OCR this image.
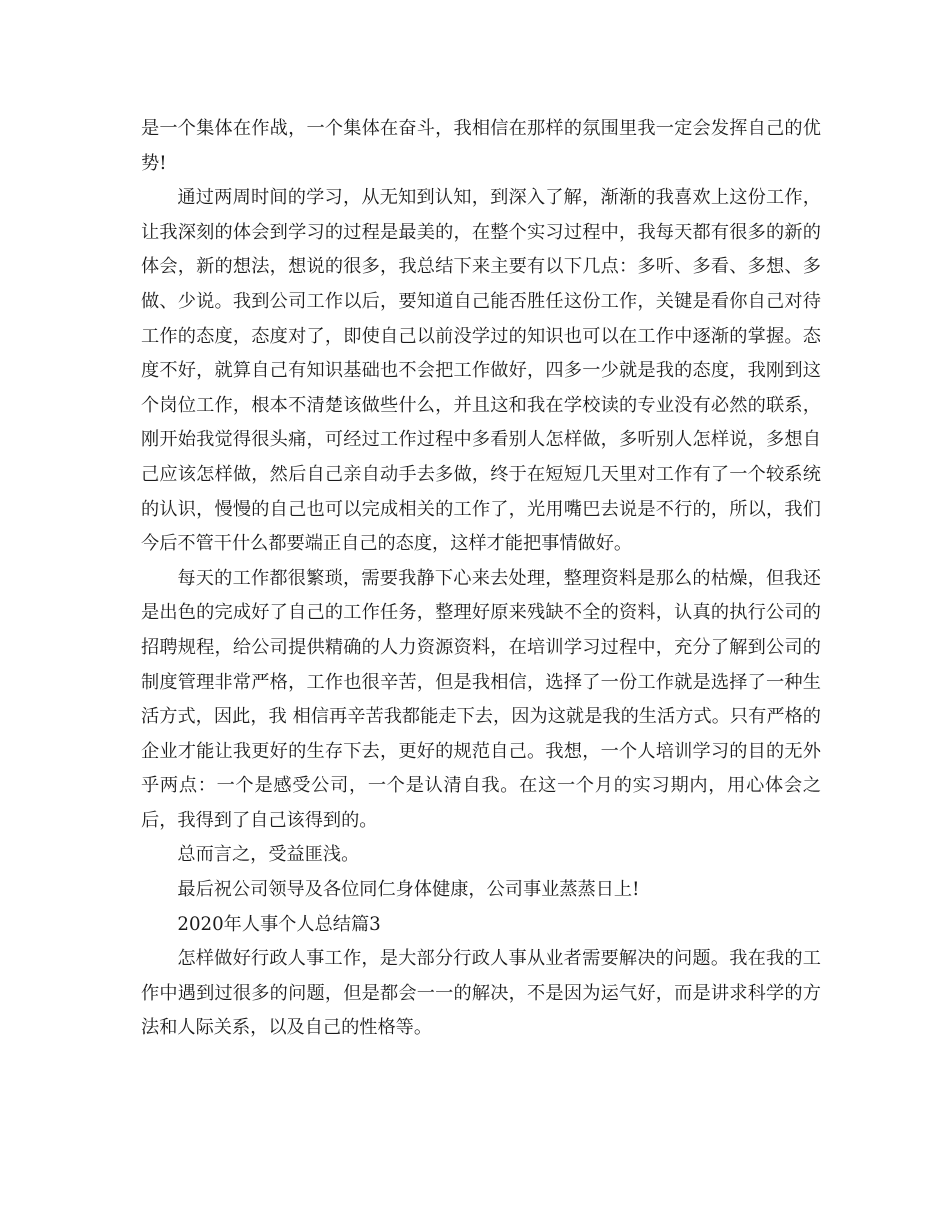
是一个集体在作战，一个集体在奋斗，我相信在那样的氛围里我一定会发挥自己的优势!

通过两周时间的学习，从无知到认知，到深入了解，渐渐的我喜欢上这份工作，让我深刻的体会到学习的过程是最美的，在整个实习过程中，我每天都有很多的新的体会，新的想法，想说的很多，我总结下来主要有以下几点：多听、多看、多想、多做、少说。我到公司工作以后，要知道自己能否胜任这份工作，关键是看你自己对待工作的态度，态度对了，即使自己以前没学过的知识也可以在工作中逐渐的掌握。态度不好，就算自己有知识基础也不会把工作做好，四多一少就是我的态度，我刚到这个岗位工作，根本不清楚该做些什么，并且这和我在学校读的专业没有必然的联系，刚开始我觉得很头痛，可经过工作过程中多看别人怎样做，多听别人怎样说，多想自己应该怎样做，然后自己亲自动手去多做，终于在短短几天里对工作有了一个较系统的认识，慢慢的自己也可以完成相关的工作了，光用嘴巴去说是不行的，所以，我们今后不管干什么都要端正自己的态度，这样才能把事情做好。

每天的工作都很繁琐，需要我静下心来去处理，整理资料是那么的枯燥，但我还是出色的完成好了自己的工作任务，整理好原来残缺不全的资料，认真的执行公司的招聘规程，给公司提供精确的人力资源资料，在培训学习过程中，充分了解到公司的制度管理非常严格，工作也很辛苦，但是我相信，选择了一份工作就是选择了一种生活方式，因此，我 相信再辛苦我都能走下去，因为这就是我的生活方式。只有严格的企业才能让我更好的生存下去，更好的规范自己。我想，一个人培训学习的目的无外乎两点：一个是感受公司，一个是认清自我。在这一个月的实习期内，用心体会之后，我得到了自己该得到的。

总而言之，受益匪浅。

最后祝公司领导及各位同仁身体健康，公司事业蒸蒸日上!

2020年人事个人总结篇3

怎样做好行政人事工作，是大部分行政人事从业者需要解决的问题。我在我的工作中遇到过很多的问题，但是都会一一的解决，不是因为运气好，而是讲求科学的方法和人际关系，以及自己的性格等。
